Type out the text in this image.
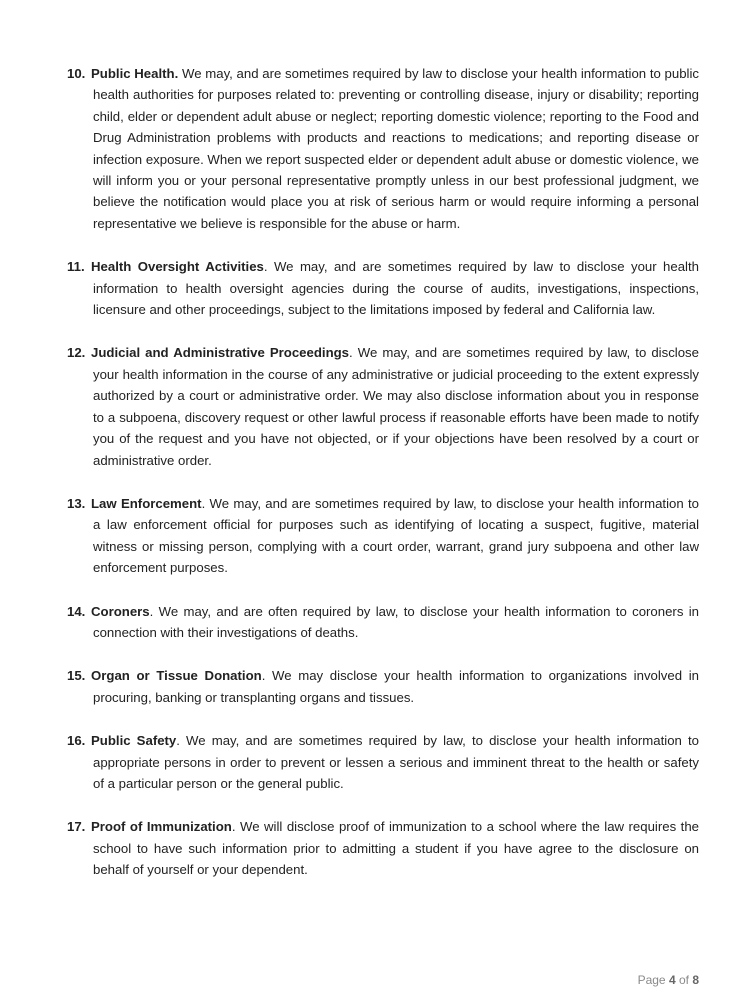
10. Public Health. We may, and are sometimes required by law to disclose your health information to public health authorities for purposes related to: preventing or controlling disease, injury or disability; reporting child, elder or dependent adult abuse or neglect; reporting domestic violence; reporting to the Food and Drug Administration problems with products and reactions to medications; and reporting disease or infection exposure. When we report suspected elder or dependent adult abuse or domestic violence, we will inform you or your personal representative promptly unless in our best professional judgment, we believe the notification would place you at risk of serious harm or would require informing a personal representative we believe is responsible for the abuse or harm.

11. Health Oversight Activities. We may, and are sometimes required by law to disclose your health information to health oversight agencies during the course of audits, investigations, inspections, licensure and other proceedings, subject to the limitations imposed by federal and California law.

12. Judicial and Administrative Proceedings. We may, and are sometimes required by law, to disclose your health information in the course of any administrative or judicial proceeding to the extent expressly authorized by a court or administrative order. We may also disclose information about you in response to a subpoena, discovery request or other lawful process if reasonable efforts have been made to notify you of the request and you have not objected, or if your objections have been resolved by a court or administrative order.

13. Law Enforcement. We may, and are sometimes required by law, to disclose your health information to a law enforcement official for purposes such as identifying of locating a suspect, fugitive, material witness or missing person, complying with a court order, warrant, grand jury subpoena and other law enforcement purposes.

14. Coroners. We may, and are often required by law, to disclose your health information to coroners in connection with their investigations of deaths.

15. Organ or Tissue Donation. We may disclose your health information to organizations involved in procuring, banking or transplanting organs and tissues.

16. Public Safety. We may, and are sometimes required by law, to disclose your health information to appropriate persons in order to prevent or lessen a serious and imminent threat to the health or safety of a particular person or the general public.

17. Proof of Immunization. We will disclose proof of immunization to a school where the law requires the school to have such information prior to admitting a student if you have agree to the disclosure on behalf of yourself or your dependent.

Page 4 of 8
